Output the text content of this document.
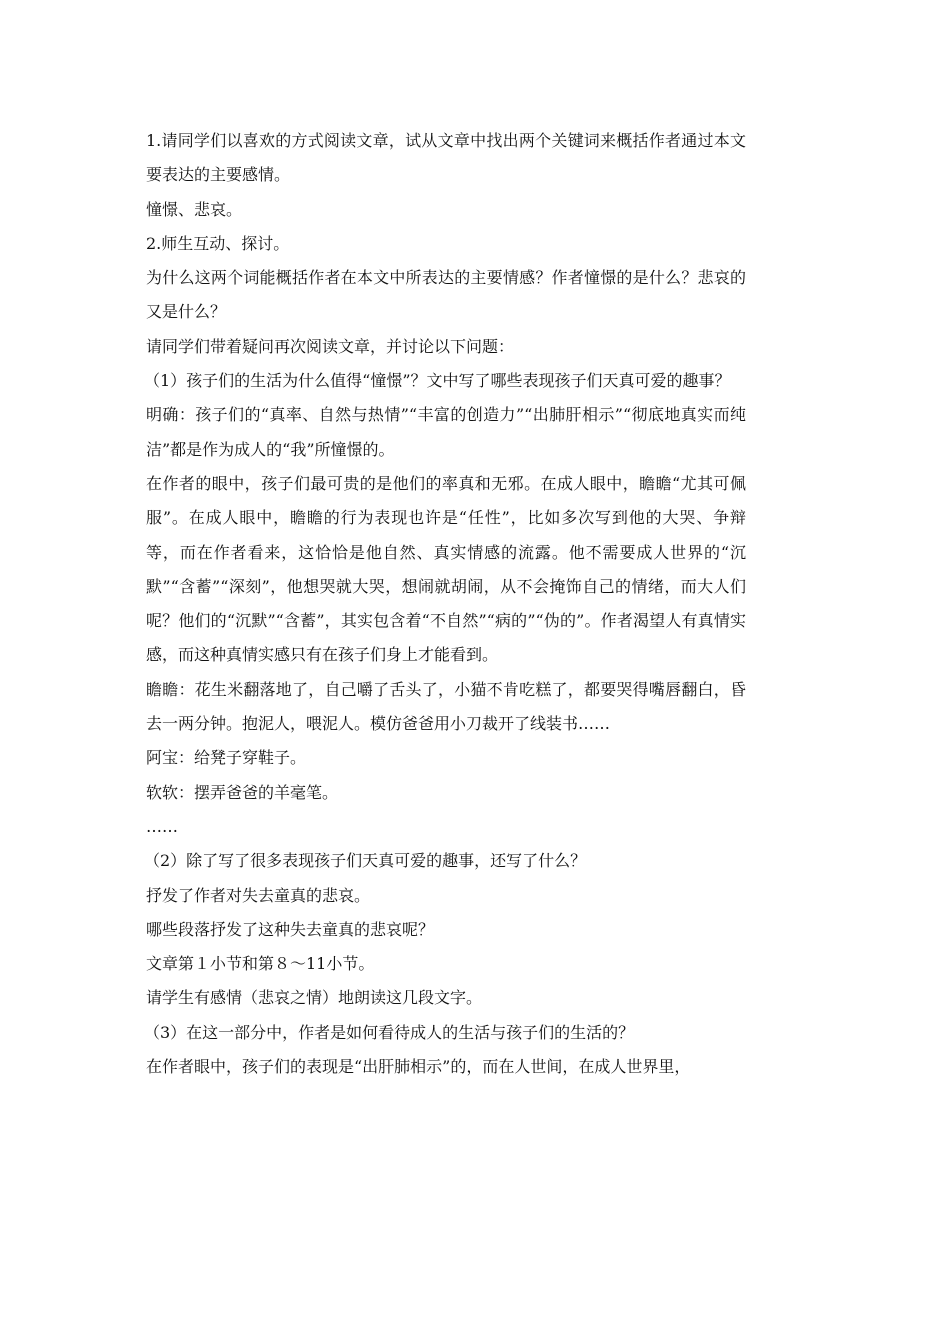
1.请同学们以喜欢的方式阅读文章，试从文章中找出两个关键词来概括作者通过本文要表达的主要感情。

憧憬、悲哀。

2.师生互动、探讨。

为什么这两个词能概括作者在本文中所表达的主要情感？作者憧憬的是什么？悲哀的又是什么？

请同学们带着疑问再次阅读文章，并讨论以下问题：

（1）孩子们的生活为什么值得“憧憬”？文中写了哪些表现孩子们天真可爱的趣事？

明确：孩子们的“真率、自然与热情”“丰富的创造力”“出肺肝相示”“彻底地真实而纯洁”都是作为成人的“我”所憧憬的。

在作者的眼中，孩子们最可贵的是他们的率真和无邪。在成人眼中，瞻瞻“尤其可佩服”。在成人眼中，瞻瞻的行为表现也许是“任性”，比如多次写到他的大哭、争辩等，而在作者看来，这恰恰是他自然、真实情感的流露。他不需要成人世界的“沉默”“含蓄”“深刻”，他想哭就大哭，想闹就胡闹，从不会掩饰自己的情绪，而大人们呢？他们的“沉默”“含蓄”，其实包含着“不自然”“病的”“伪的”。作者渴望人有真情实感，而这种真情实感只有在孩子们身上才能看到。

瞻瞻：花生米翻落地了，自己嚼了舌头了，小猫不肯吃糕了，都要哭得嘴唇翻白，昏去一两分钟。抱泥人，喂泥人。模仿爸爸用小刀裁开了线装书……

阿宝：给凳子穿鞋子。

软软：摆弄爸爸的羊毫笔。

……

（2）除了写了很多表现孩子们天真可爱的趣事，还写了什么？

抒发了作者对失去童真的悲哀。

哪些段落抒发了这种失去童真的悲哀呢？

文章第１小节和第８～11小节。

请学生有感情（悲哀之情）地朗读这几段文字。

（3）在这一部分中，作者是如何看待成人的生活与孩子们的生活的？

在作者眼中，孩子们的表现是“出肝肺相示”的，而在人世间，在成人世界里，
